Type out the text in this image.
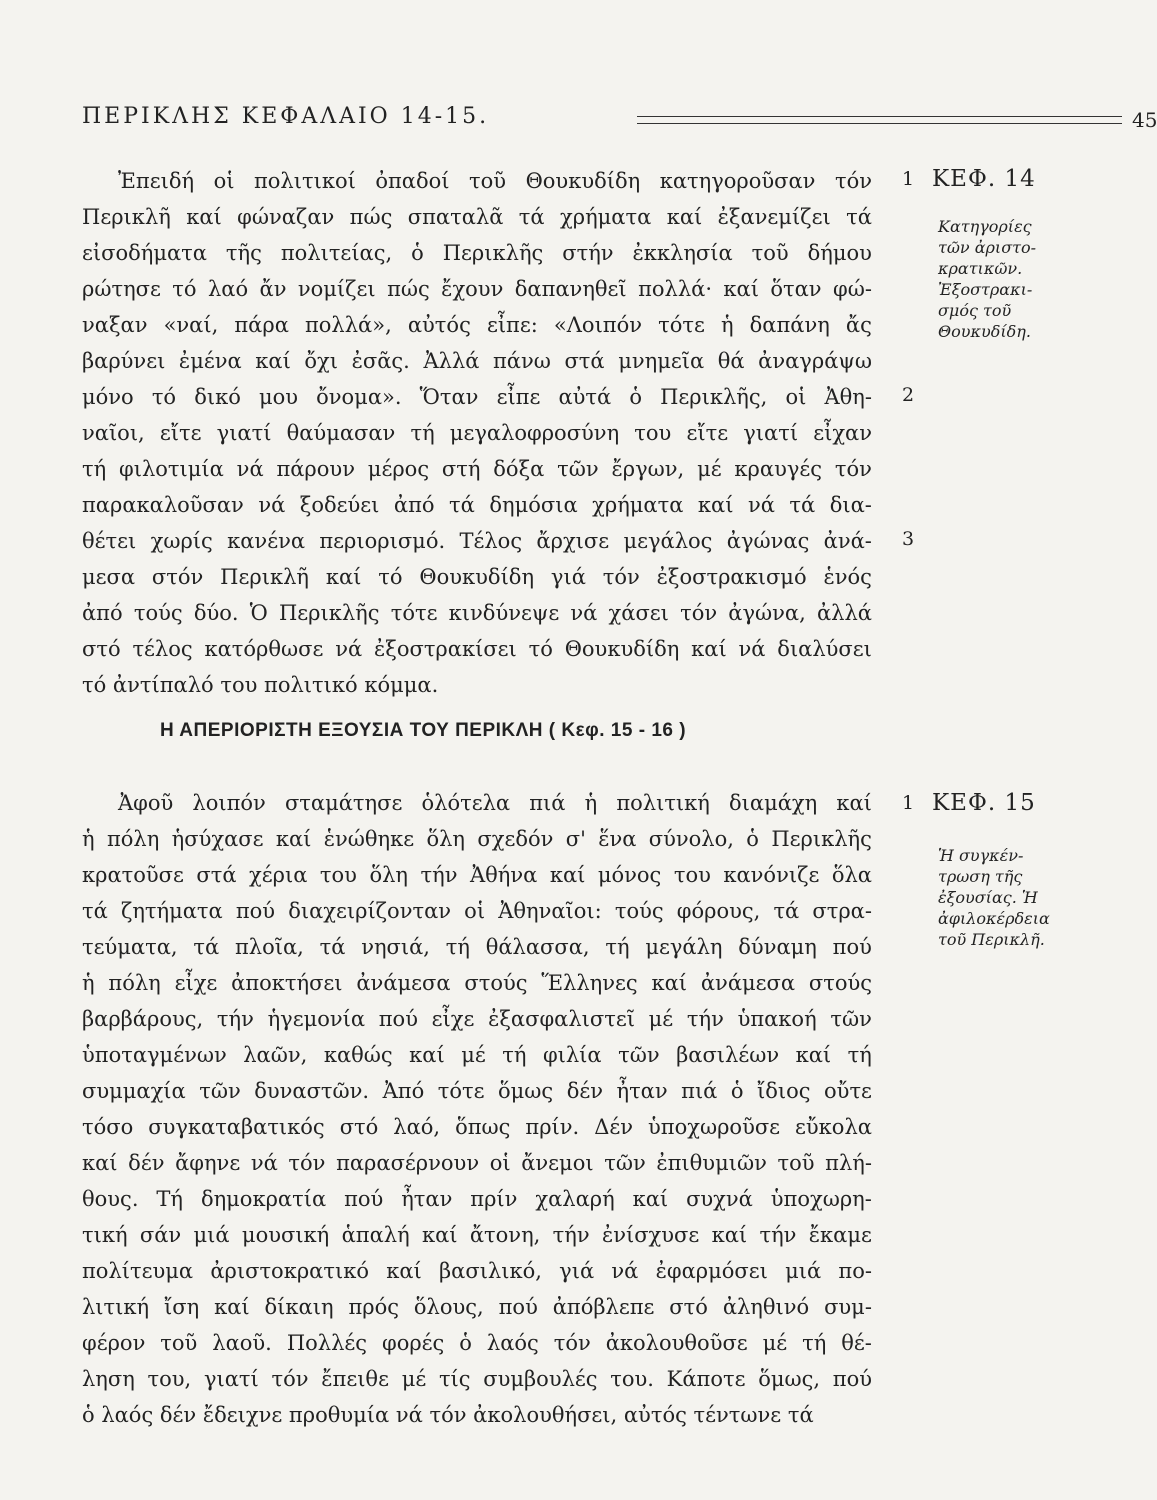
ΠΕΡΙΚΛΗΣ ΚΕΦΑΛΑΙΟ 14-15.	45
Ἐπειδή οἱ πολιτικοί ὀπαδοί τοῦ Θουκυδίδη κατηγοροῦσαν τόν
Περικλῆ καί φώναζαν πώς σπαταλᾶ τά χρήματα καί ἐξανεμίζει τά
εἰσοδήματα τῆς πολιτείας, ὁ Περικλῆς στήν ἐκκλησία τοῦ δήμου
ρώτησε τό λαό ἄν νομίζει πώς ἔχουν δαπανηθεῖ πολλά· καί ὅταν φώ-
ναξαν «ναί, πάρα πολλά», αὐτός εἶπε: «Λοιπόν τότε ἡ δαπάνη ἄς
βαρύνει ἐμένα καί ὄχι ἐσᾶς. Ἀλλά πάνω στά μνημεῖα θά ἀναγράψω
μόνο τό δικό μου ὄνομα». Ὅταν εἶπε αὐτά ὁ Περικλῆς, οἱ Ἀθη-
ναῖοι, εἴτε γιατί θαύμασαν τή μεγαλοφροσύνη του εἴτε γιατί εἶχαν
τή φιλοτιμία νά πάρουν μέρος στή δόξα τῶν ἔργων, μέ κραυγές τόν
παρακαλοῦσαν νά ξοδεύει ἀπό τά δημόσια χρήματα καί νά τά δια-
θέτει χωρίς κανένα περιορισμό. Τέλος ἄρχισε μεγάλος ἀγώνας ἀνά-
μεσα στόν Περικλῆ καί τό Θουκυδίδη γιά τόν ἐξοστρακισμό ἑνός
ἀπό τούς δύο. Ὁ Περικλῆς τότε κινδύνεψε νά χάσει τόν ἀγώνα, ἀλλά
στό τέλος κατόρθωσε νά ἐξοστρακίσει τό Θουκυδίδη καί νά διαλύσει
τό ἀντίπαλό του πολιτικό κόμμα.
1
2
3
ΚΕΦ. 14
Κατηγορίες
τῶν ἀριστο-
κρατικῶν.
Ἐξοστρακι-
σμός τοῦ
Θουκυδίδη.
Η ΑΠΕΡΙΟΡΙΣΤΗ ΕΞΟΥΣΙΑ ΤΟΥ ΠΕΡΙΚΛΗ ( Κεφ. 15 - 16 )
Ἀφοῦ λοιπόν σταμάτησε ὁλότελα πιά ἡ πολιτική διαμάχη καί
ἡ πόλη ἡσύχασε καί ἑνώθηκε ὅλη σχεδόν σ' ἕνα σύνολο, ὁ Περικλῆς
κρατοῦσε στά χέρια του ὅλη τήν Ἀθήνα καί μόνος του κανόνιζε ὅλα
τά ζητήματα πού διαχειρίζονταν οἱ Ἀθηναῖοι: τούς φόρους, τά στρα-
τεύματα, τά πλοῖα, τά νησιά, τή θάλασσα, τή μεγάλη δύναμη πού
ἡ πόλη εἶχε ἀποκτήσει ἀνάμεσα στούς Ἕλληνες καί ἀνάμεσα στούς
βαρβάρους, τήν ἡγεμονία πού εἶχε ἐξασφαλιστεῖ μέ τήν ὑπακοή τῶν
ὑποταγμένων λαῶν, καθώς καί μέ τή φιλία τῶν βασιλέων καί τή
συμμαχία τῶν δυναστῶν. Ἀπό τότε ὅμως δέν ἦταν πιά ὁ ἴδιος οὔτε
τόσο συγκαταβατικός στό λαό, ὅπως πρίν. Δέν ὑποχωροῦσε εὔκολα
καί δέν ἄφηνε νά τόν παρασέρνουν οἱ ἄνεμοι τῶν ἐπιθυμιῶν τοῦ πλή-
θους. Τή δημοκρατία πού ἦταν πρίν χαλαρή καί συχνά ὑποχωρη-
τική σάν μιά μουσική ἁπαλή καί ἄτονη, τήν ἐνίσχυσε καί τήν ἔκαμε
πολίτευμα ἀριστοκρατικό καί βασιλικό, γιά νά ἐφαρμόσει μιά πο-
λιτική ἴση καί δίκαιη πρός ὅλους, πού ἀπόβλεπε στό ἀληθινό συμ-
φέρον τοῦ λαοῦ. Πολλές φορές ὁ λαός τόν ἀκολουθοῦσε μέ τή θέ-
ληση του, γιατί τόν ἔπειθε μέ τίς συμβουλές του. Κάποτε ὅμως, πού
ὁ λαός δέν ἔδειχνε προθυμία νά τόν ἀκολουθήσει, αὐτός τέντωνε τά
1 ΚΕΦ. 15
Ἡ συγκέν-
τρωση τῆς
ἐξουσίας. Ἡ
ἀφιλοκέρδεια
τοῦ Περικλῆ.
